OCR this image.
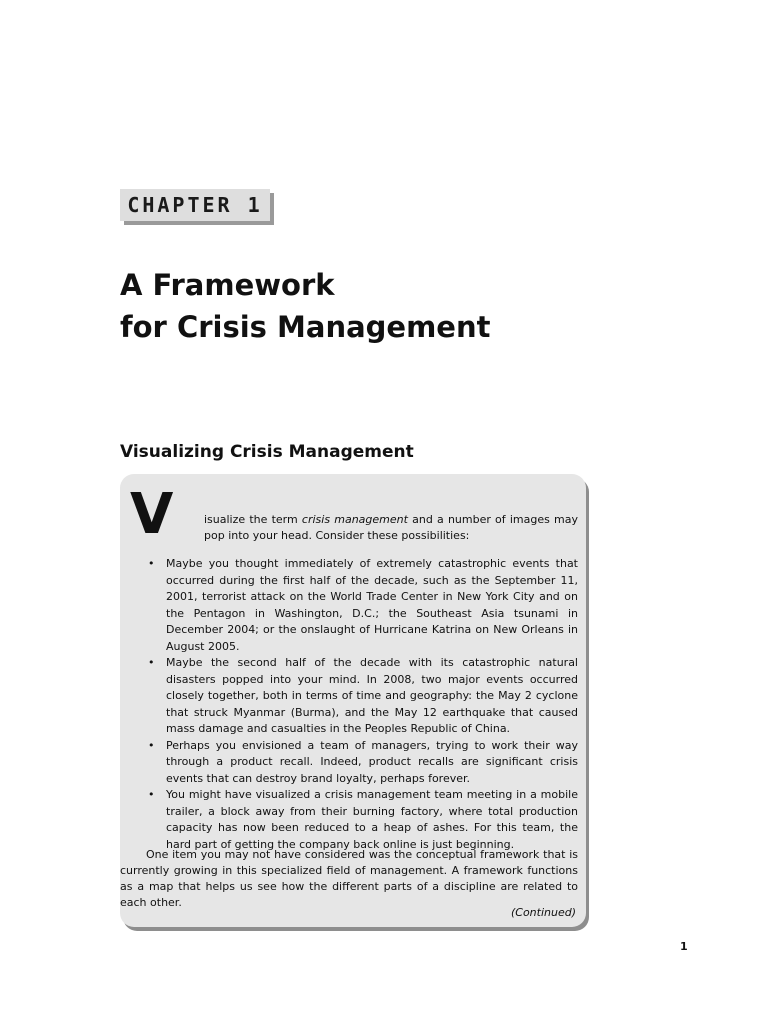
CHAPTER 1
A Framework
for Crisis Management
Visualizing Crisis Management
V	isualize the term crisis management and a number of images may pop into your head. Consider these possibilities:

• Maybe you thought immediately of extremely catastrophic events that occurred during the first half of the decade, such as the September 11, 2001, terrorist attack on the World Trade Center in New York City and on the Pentagon in Washington, D.C.; the Southeast Asia tsunami in December 2004; or the onslaught of Hurricane Katrina on New Orleans in August 2005.
• Maybe the second half of the decade with its catastrophic natural disasters popped into your mind. In 2008, two major events occurred closely together, both in terms of time and geography: the May 2 cyclone that struck Myanmar (Burma), and the May 12 earthquake that caused mass damage and casualties in the Peoples Republic of China.
• Perhaps you envisioned a team of managers, trying to work their way through a product recall. Indeed, product recalls are significant crisis events that can destroy brand loyalty, perhaps forever.
• You might have visualized a crisis management team meeting in a mobile trailer, a block away from their burning factory, where total production capacity has now been reduced to a heap of ashes. For this team, the hard part of getting the company back online is just beginning.

One item you may not have considered was the conceptual framework that is currently growing in this specialized field of management. A framework functions as a map that helps us see how the different parts of a discipline are related to each other.

(Continued)

1
